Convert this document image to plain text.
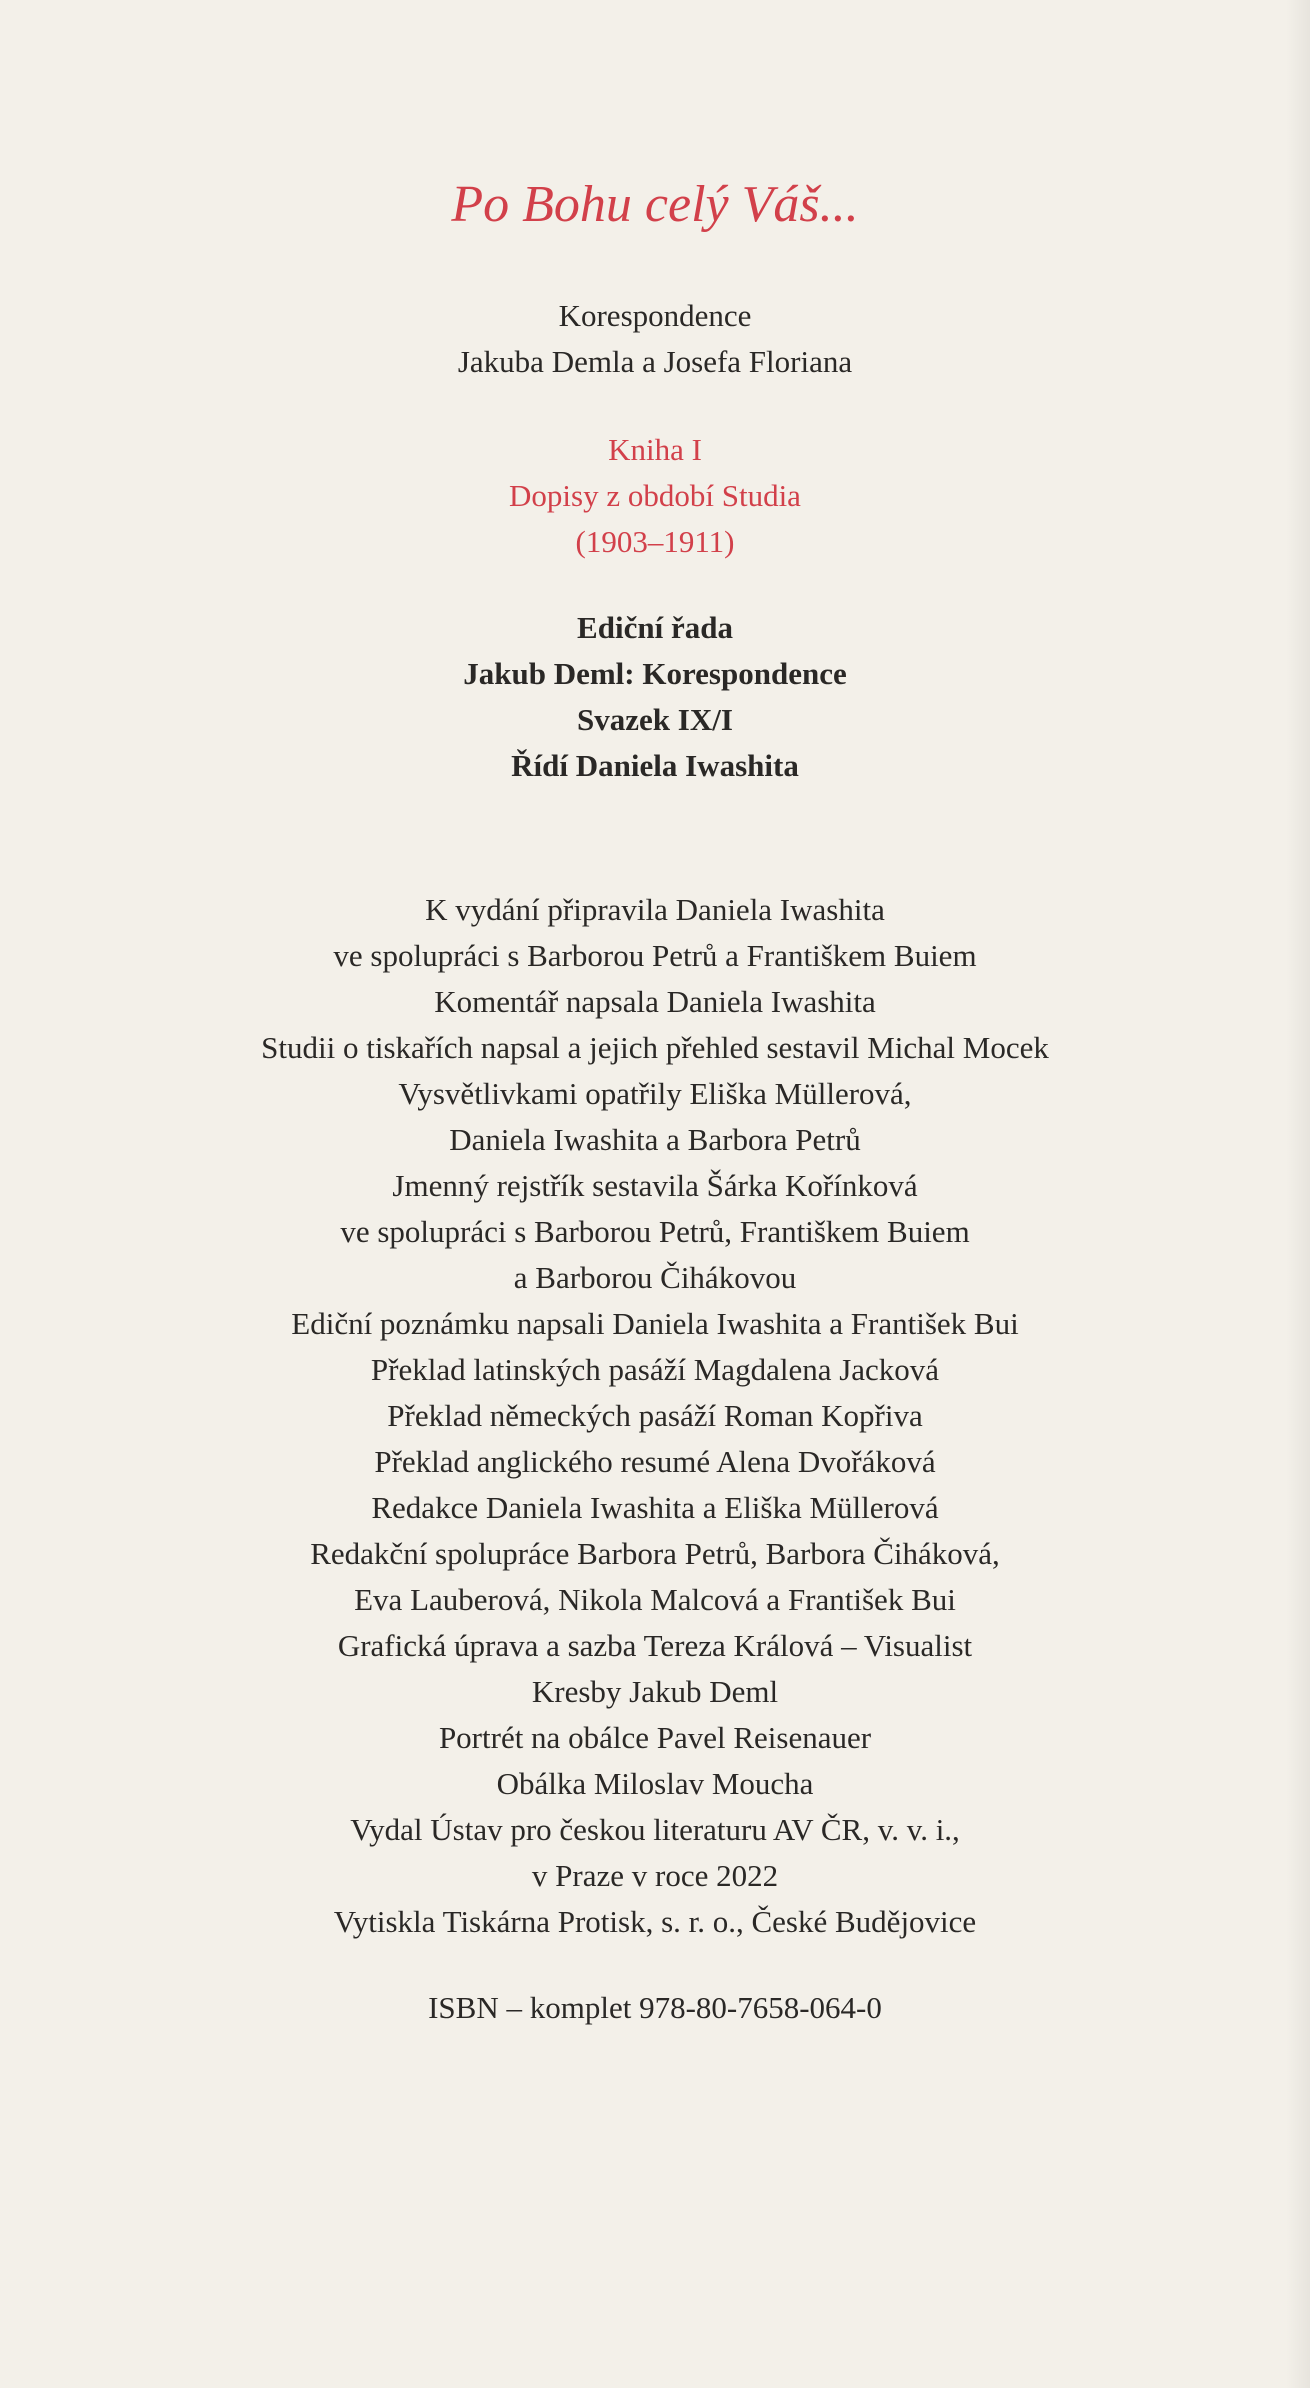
Po Bohu celý Váš...
Korespondence
Jakuba Demla a Josefa Floriana
Kniha I
Dopisy z období Studia
(1903–1911)
Ediční řada
Jakub Deml: Korespondence
Svazek IX/I
Řídí Daniela Iwashita
K vydání připravila Daniela Iwashita
ve spolupráci s Barborou Petrů a Františkem Buiem
Komentář napsala Daniela Iwashita
Studii o tiskařích napsal a jejich přehled sestavil Michal Mocek
Vysvětlivkami opatřily Eliška Müllerová,
Daniela Iwashita a Barbora Petrů
Jmenný rejstřík sestavila Šárka Kořínková
ve spolupráci s Barborou Petrů, Františkem Buiem
a Barborou Čihákovou
Ediční poznámku napsali Daniela Iwashita a František Bui
Překlad latinských pasáží Magdalena Jacková
Překlad německých pasáží Roman Kopřiva
Překlad anglického resumé Alena Dvořáková
Redakce Daniela Iwashita a Eliška Müllerová
Redakční spolupráce Barbora Petrů, Barbora Čiháková,
Eva Lauberová, Nikola Malcová a František Bui
Grafická úprava a sazba Tereza Králová – Visualist
Kresby Jakub Deml
Portrét na obálce Pavel Reisenauer
Obálka Miloslav Moucha
Vydal Ústav pro českou literaturu AV ČR, v. v. i.,
v Praze v roce 2022
Vytiskla Tiskárna Protisk, s. r. o., České Budějovice
ISBN – komplet 978-80-7658-064-0
